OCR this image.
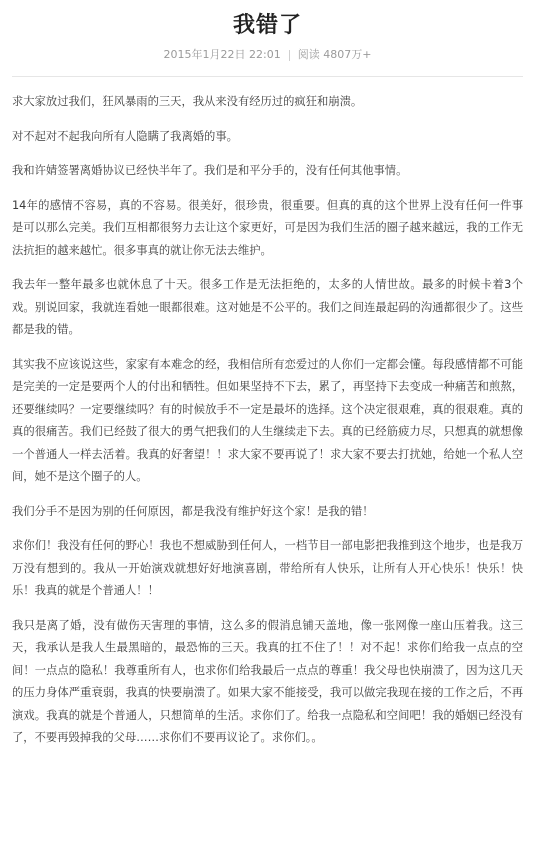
我错了
2015年1月22日 22:01 阅读 4807万+

求大家放过我们，狂风暴雨的三天，我从来没有经历过的疯狂和崩溃。

对不起对不起我向所有人隐瞒了我离婚的事。

我和许婧签署离婚协议已经快半年了。我们是和平分手的，没有任何其他事情。

14年的感情不容易，真的不容易。很美好，很珍贵，很重要。但真的真的这个世界上没有任何一件事是可以那么完美。我们互相都很努力去让这个家更好，可是因为我们生活的圈子越来越远，我的工作无法抗拒的越来越忙。很多事真的就让你无法去维护。

我去年一整年最多也就休息了十天。很多工作是无法拒绝的，太多的人情世故。最多的时候卡着3个戏。别说回家，我就连看她一眼都很难。这对她是不公平的。我们之间连最起码的沟通都很少了。这些都是我的错。

其实我不应该说这些，家家有本难念的经，我相信所有恋爱过的人你们一定都会懂。每段感情都不可能是完美的一定是要两个人的付出和牺牲。但如果坚持不下去，累了，再坚持下去变成一种痛苦和煎熬，还要继续吗？一定要继续吗？有的时候放手不一定是最坏的选择。这个决定很艰难，真的很艰难。真的真的很痛苦。我们已经鼓了很大的勇气把我们的人生继续走下去。真的已经筋疲力尽，只想真的就想像一个普通人一样去活着。我真的好奢望！！求大家不要再说了！求大家不要去打扰她，给她一个私人空间，她不是这个圈子的人。

我们分手不是因为别的任何原因，都是我没有维护好这个家！是我的错！

求你们！我没有任何的野心！我也不想威胁到任何人，一档节目一部电影把我推到这个地步，也是我万万没有想到的。我从一开始演戏就想好好地演喜剧，带给所有人快乐，让所有人开心快乐！快乐！快乐！我真的就是个普通人！！

我只是离了婚，没有做伤天害理的事情，这么多的假消息铺天盖地，像一张网像一座山压着我。这三天，我承认是我人生最黑暗的，最恐怖的三天。我真的扛不住了！！对不起！求你们给我一点点的空间！一点点的隐私！我尊重所有人，也求你们给我最后一点点的尊重！我父母也快崩溃了，因为这几天的压力身体严重衰弱，我真的快要崩溃了。如果大家不能接受，我可以做完我现在接的工作之后，不再演戏。我真的就是个普通人，只想简单的生活。求你们了。给我一点隐私和空间吧！我的婚姻已经没有了，不要再毁掉我的父母……求你们不要再议论了。求你们。。
